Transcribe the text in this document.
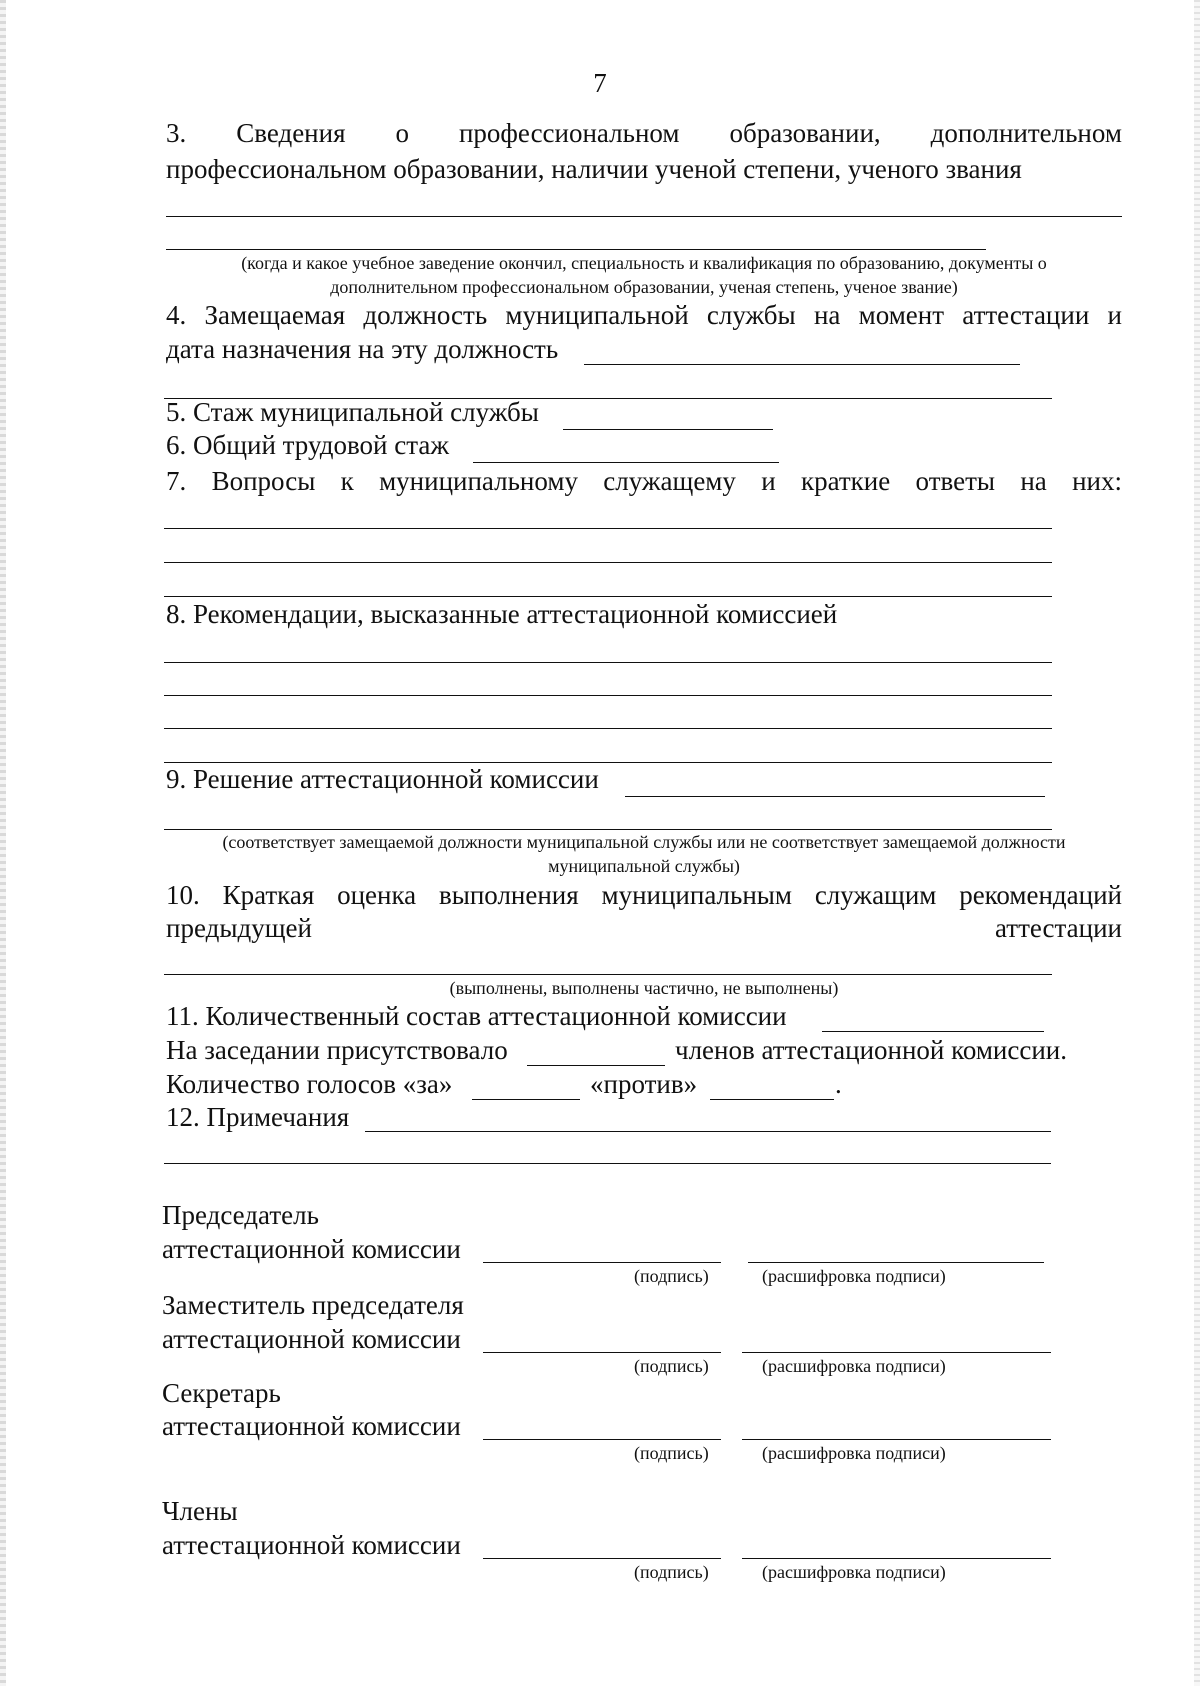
7
3. Сведения о профессиональном образовании, дополнительном
профессиональном образовании, наличии ученой степени, ученого звания
(когда и какое учебное заведение окончил, специальность и квалификация по образованию, документы о
дополнительном профессиональном образовании, ученая степень, ученое звание)
4. Замещаемая должность муниципальной службы на момент аттестации и
дата назначения на эту должность
5. Стаж муниципальной службы
6. Общий трудовой стаж
7. Вопросы к муниципальному служащему и краткие ответы на них:
8. Рекомендации, высказанные аттестационной комиссией
9. Решение аттестационной комиссии
(соответствует замещаемой должности муниципальной службы или не соответствует замещаемой должности
муниципальной службы)
10. Краткая оценка выполнения муниципальным служащим рекомендаций
предыдущей	аттестации
(выполнены, выполнены частично, не выполнены)
11. Количественный состав аттестационной комиссии
На заседании присутствовало	членов аттестационной комиссии.
Количество голосов «за»	«против»	.
12. Примечания
Председатель
аттестационной комиссии
(подпись)	(расшифровка подписи)
Заместитель председателя
аттестационной комиссии
(подпись)	(расшифровка подписи)
Секретарь
аттестационной комиссии
(подпись)	(расшифровка подписи)
Члены
аттестационной комиссии
(подпись)	(расшифровка подписи)
